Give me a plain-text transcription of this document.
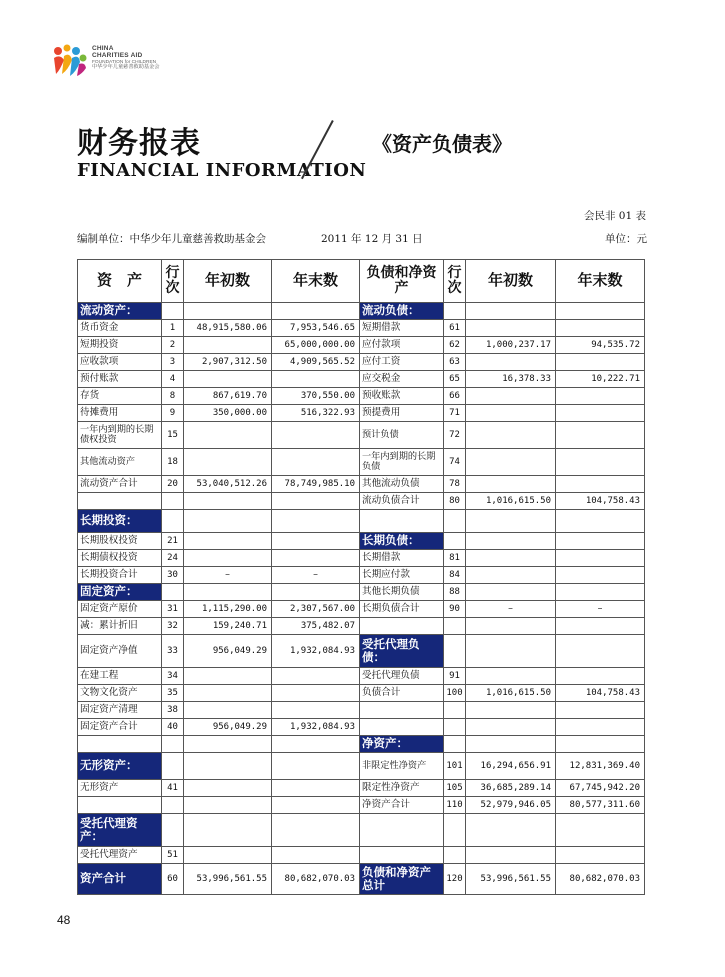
CHINA
CHARITIES AID
FOUNDATION for CHILDREN
中华少年儿童慈善救助基金会
财务报表
FINANCIAL INFORMATION
《资产负债表》
会民非 01 表
编制单位：中华少年儿童慈善救助基金会	2011 年 12 月 31 日	单位：元
资　产	行次	年初数	年末数	负债和净资产	行次	年初数	年末数
流动资产：				流动负债：			
货币资金	1	48,915,580.06	7,953,546.65	短期借款	61		
短期投资	2		65,000,000.00	应付款项	62	1,000,237.17	94,535.72
应收款项	3	2,907,312.50	4,909,565.52	应付工资	63		
预付账款	4			应交税金	65	16,378.33	10,222.71
存货	8	867,619.70	370,550.00	预收账款	66		
待摊费用	9	350,000.00	516,322.93	预提费用	71		
一年内到期的长期债权投资	15			预计负债	72		
其他流动资产	18			一年内到期的长期负债	74		
流动资产合计	20	53,040,512.26	78,749,985.10	其他流动负债	78		
				流动负债合计	80	1,016,615.50	104,758.43
长期投资：							
长期股权投资	21			长期负债：			
长期债权投资	24			长期借款	81		
长期投资合计	30	–	–	长期应付款	84		
固定资产：				其他长期负债	88		
固定资产原价	31	1,115,290.00	2,307,567.00	长期负债合计	90	–	–
减：累计折旧	32	159,240.71	375,482.07				
固定资产净值	33	956,049.29	1,932,084.93	受托代理负债：			
在建工程	34			受托代理负债	91		
文物文化资产	35			负债合计	100	1,016,615.50	104,758.43
固定资产清理	38						
固定资产合计	40	956,049.29	1,932,084.93				
				净资产：			
无形资产：				非限定性净资产	101	16,294,656.91	12,831,369.40
无形资产	41			限定性净资产	105	36,685,289.14	67,745,942.20
				净资产合计	110	52,979,946.05	80,577,311.60
受托代理资产：							
受托代理资产	51						
资产合计	60	53,996,561.55	80,682,070.03	负债和净资产总计	120	53,996,561.55	80,682,070.03
48
